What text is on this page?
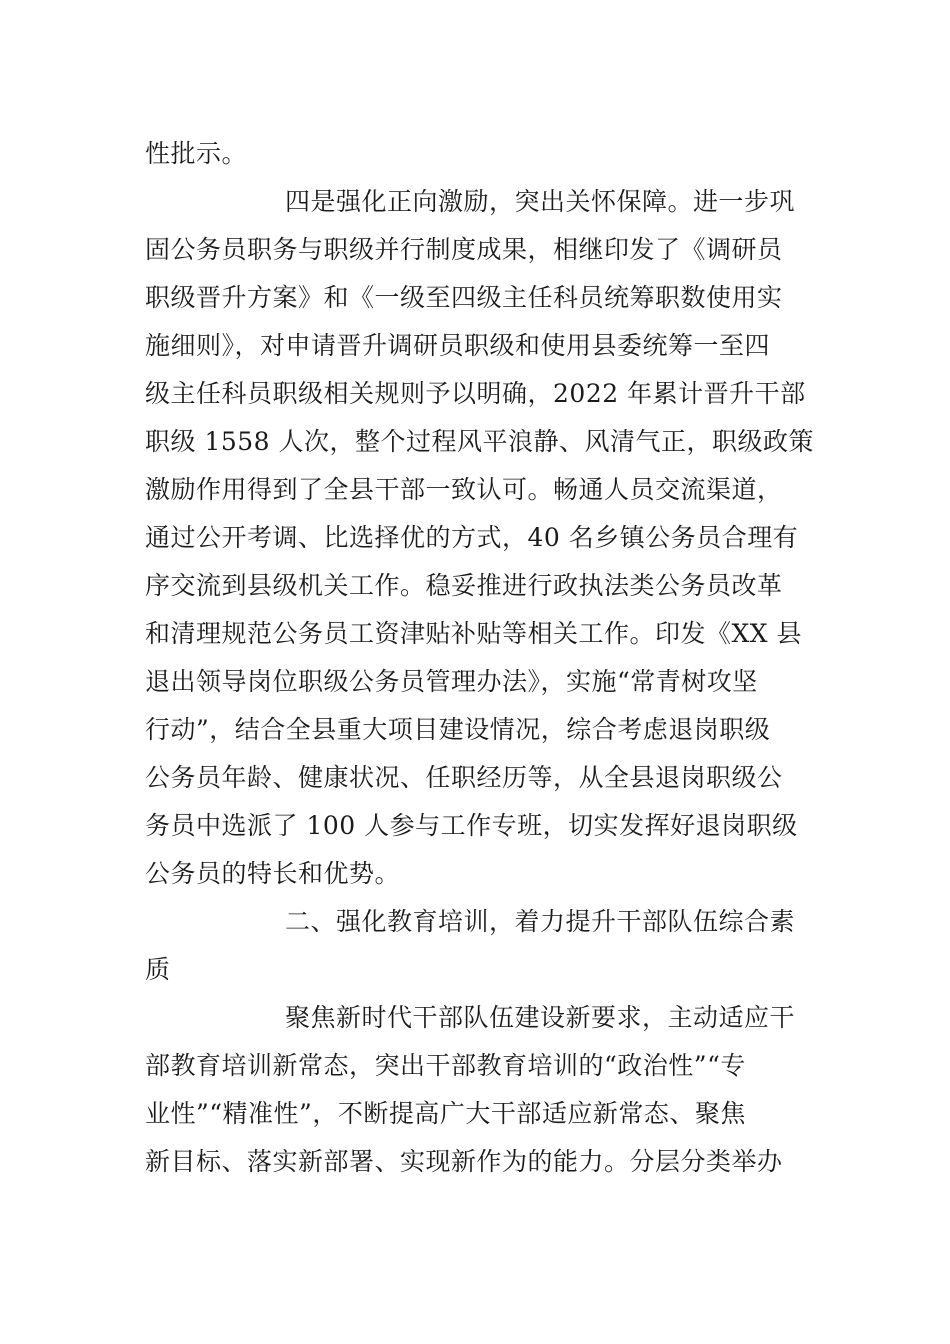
性批示。
四是强化正向激励，突出关怀保障。进一步巩
固公务员职务与职级并行制度成果，相继印发了《调研员
职级晋升方案》和《一级至四级主任科员统筹职数使用实
施细则》，对申请晋升调研员职级和使用县委统筹一至四
级主任科员职级相关规则予以明确，2022 年累计晋升干部
职级 1558 人次，整个过程风平浪静、风清气正，职级政策
激励作用得到了全县干部一致认可。畅通人员交流渠道，
通过公开考调、比选择优的方式，40 名乡镇公务员合理有
序交流到县级机关工作。稳妥推进行政执法类公务员改革
和清理规范公务员工资津贴补贴等相关工作。印发《XX 县
退出领导岗位职级公务员管理办法》，实施“常青树攻坚
行动”，结合全县重大项目建设情况，综合考虑退岗职级
公务员年龄、健康状况、任职经历等，从全县退岗职级公
务员中选派了 100 人参与工作专班，切实发挥好退岗职级
公务员的特长和优势。
二、强化教育培训，着力提升干部队伍综合素
质
聚焦新时代干部队伍建设新要求，主动适应干
部教育培训新常态，突出干部教育培训的“政治性”“专
业性”“精准性”，不断提高广大干部适应新常态、聚焦
新目标、落实新部署、实现新作为的能力。分层分类举办
